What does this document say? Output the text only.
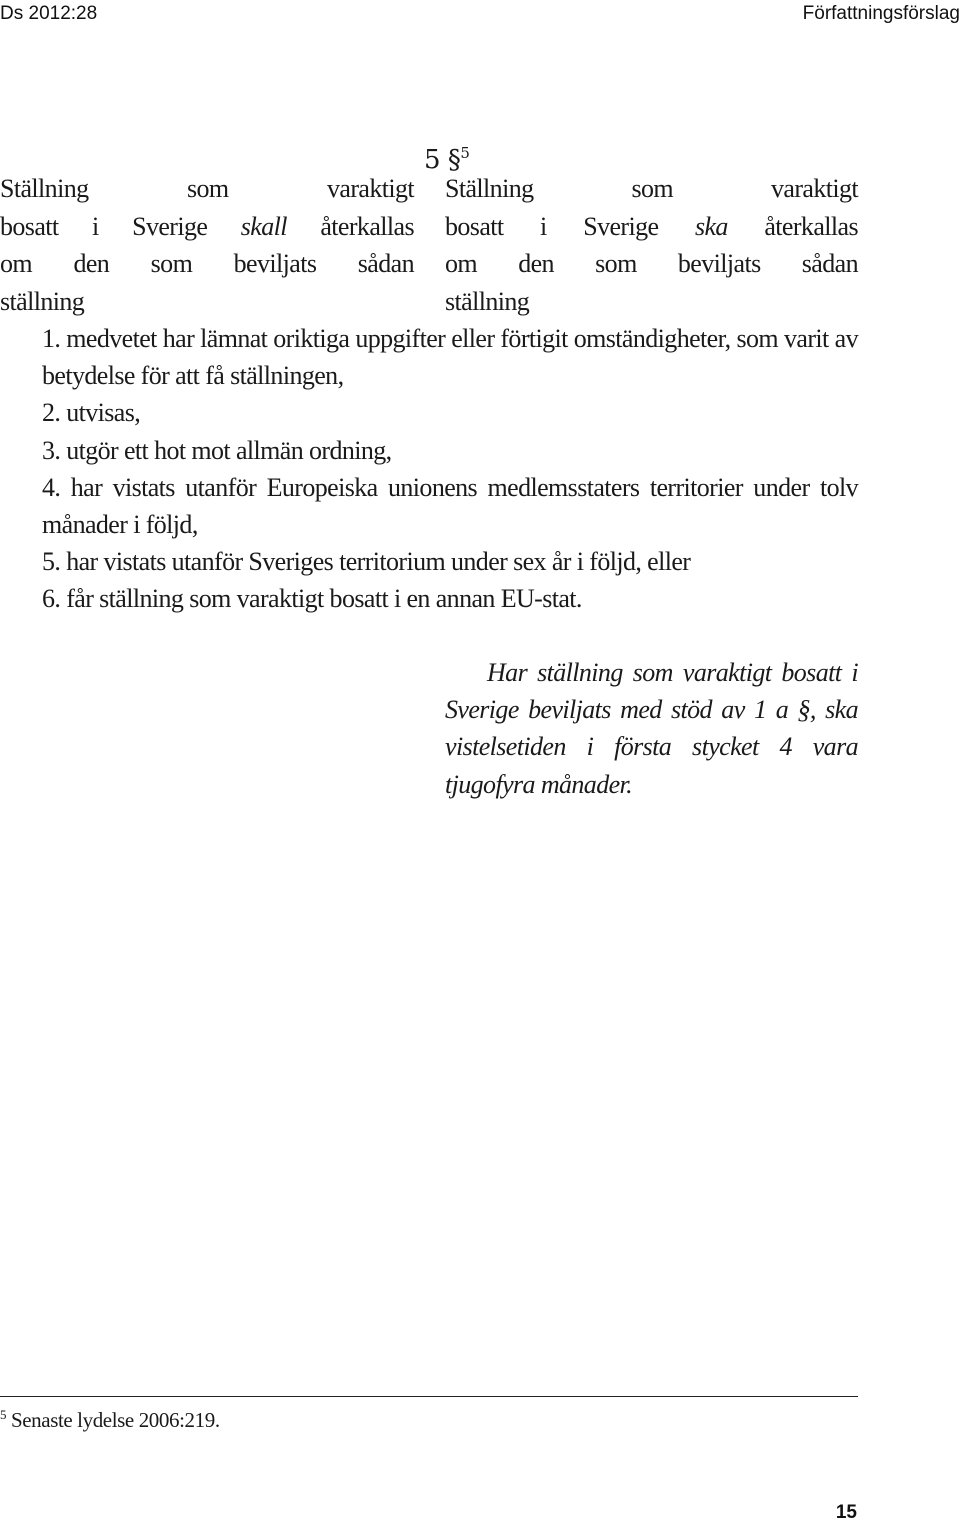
Ds 2012:28	Författningsförslag
5 §$^5$
Ställning	som	varaktigt
bosatt i Sverige skall återkallas
om den som beviljats sådan
ställning
Ställning	som	varaktigt
bosatt i Sverige ska återkallas
om den som beviljats sådan
ställning

1. medvetet har lämnat oriktiga uppgifter eller förtigit omständigheter, som varit av betydelse för att få ställningen,

2. utvisas,

3. utgör ett hot mot allmän ordning,

4. har vistats utanför Europeiska unionens medlemsstaters territorier under tolv månader i följd,

5. har vistats utanför Sveriges territorium under sex år i följd, eller

6. får ställning som varaktigt bosatt i en annan EU-stat.

Har ställning som varaktigt bosatt i Sverige beviljats med stöd av 1 a §, ska vistelsetiden i första stycket 4 vara tjugofyra månader.
$^5$ Senaste lydelse 2006:219.
15
